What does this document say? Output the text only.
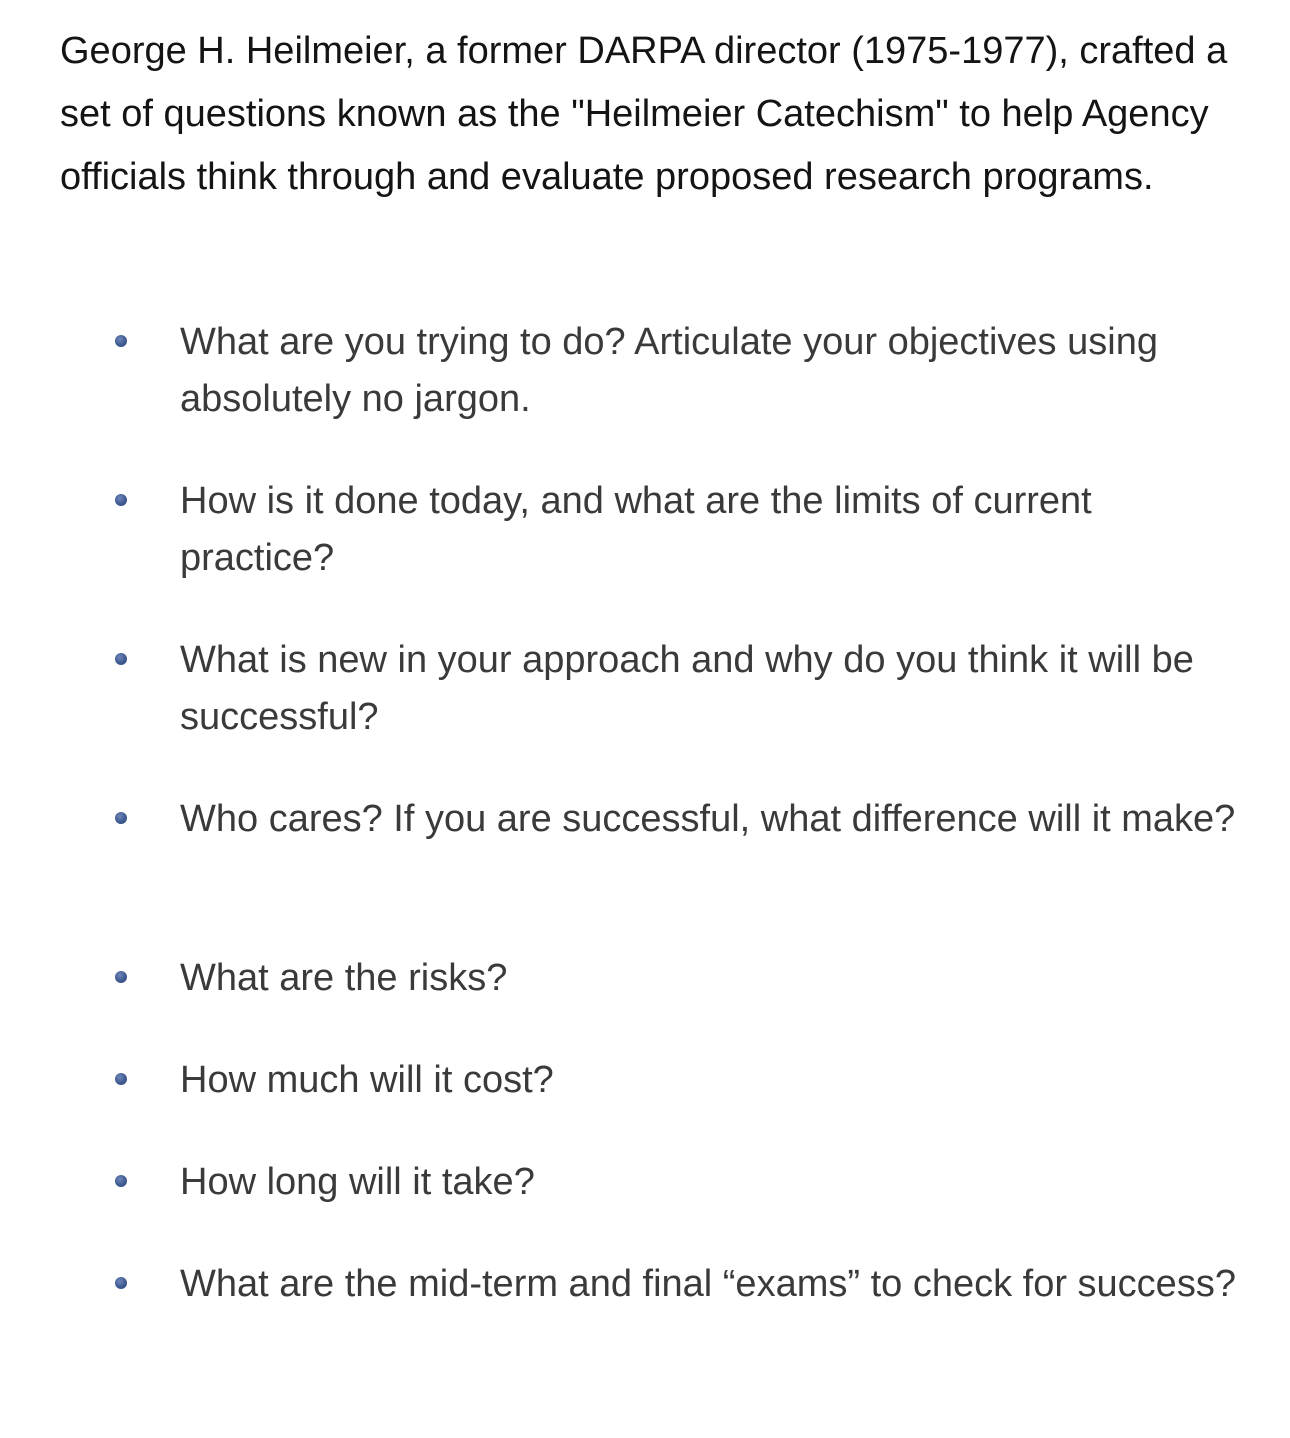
George H. Heilmeier, a former DARPA director (1975-1977), crafted a set of questions known as the "Heilmeier Catechism" to help Agency officials think through and evaluate proposed research programs.

What are you trying to do? Articulate your objectives using absolutely no jargon.

How is it done today, and what are the limits of current practice?

What is new in your approach and why do you think it will be successful?

Who cares? If you are successful, what difference will it make?

What are the risks?

How much will it cost?

How long will it take?

What are the mid-term and final “exams” to check for success?
